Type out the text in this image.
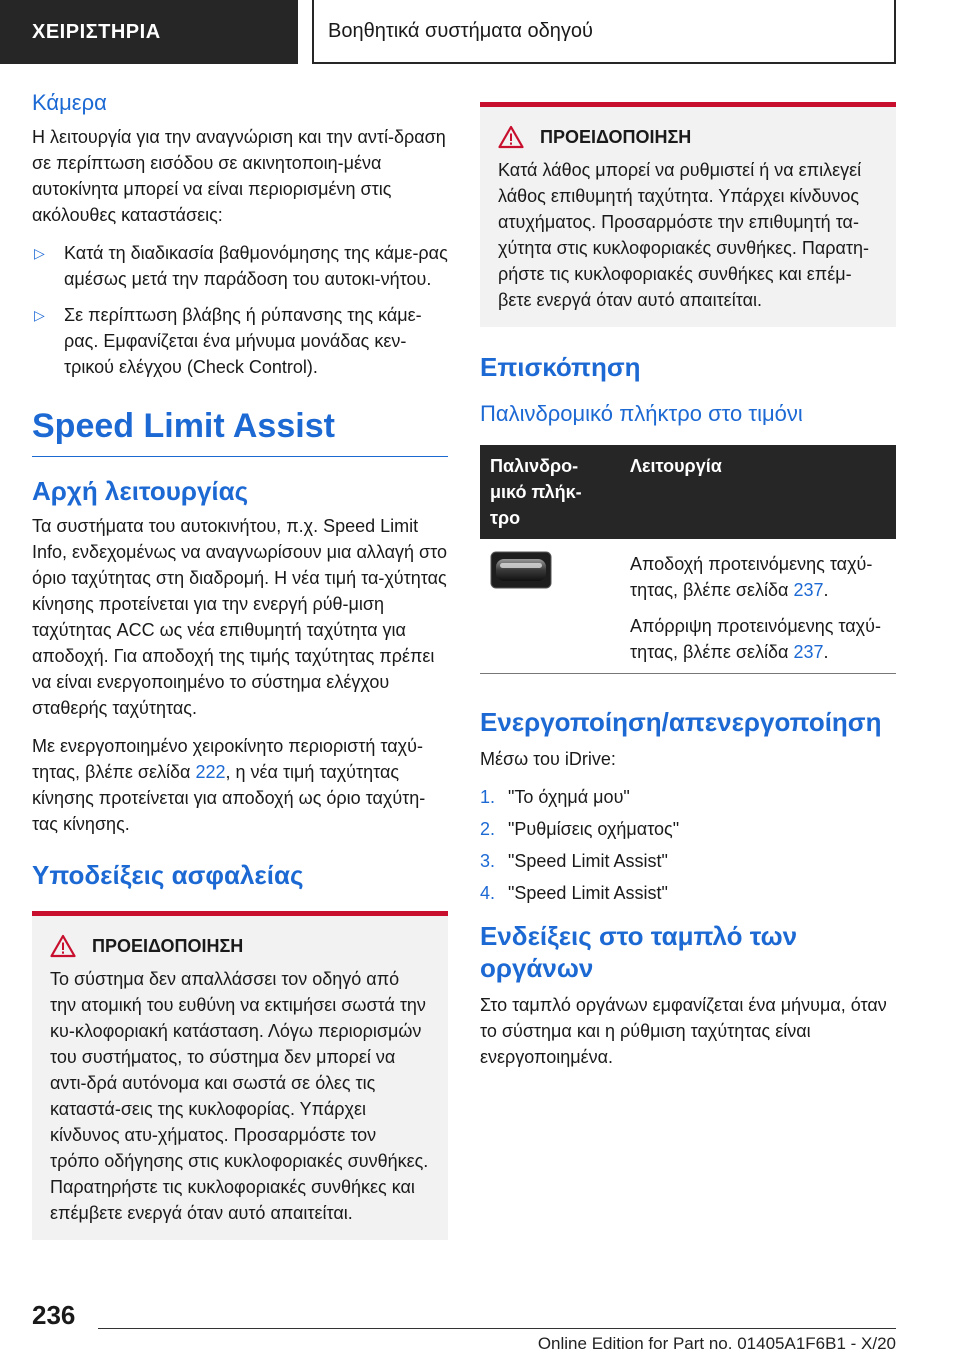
ΧΕΙΡΙΣΤΗΡΙΑ	Βοηθητικά συστήματα οδηγού
Κάμερα

Η λειτουργία για την αναγνώριση και την αντί-δραση σε περίπτωση εισόδου σε ακινητοποιη-μένα αυτοκίνητα μπορεί να είναι περιορισμένη στις ακόλουθες καταστάσεις:

▷ Κατά τη διαδικασία βαθμονόμησης της κάμε-ρας αμέσως μετά την παράδοση του αυτοκι-νήτου.
▷ Σε περίπτωση βλάβης ή ρύπανσης της κάμε-ρας. Εμφανίζεται ένα μήνυμα μονάδας κεν-τρικού ελέγχου (Check Control).
Speed Limit Assist
Αρχή λειτουργίας

Τα συστήματα του αυτοκινήτου, π.χ. Speed Limit Info, ενδεχομένως να αναγνωρίσουν μια αλλαγή στο όριο ταχύτητας στη διαδρομή. Η νέα τιμή τα-χύτητας κίνησης προτείνεται για την ενεργή ρύθ-μιση ταχύτητας ACC ως νέα επιθυμητή ταχύτητα για αποδοχή. Για αποδοχή της τιμής ταχύτητας πρέπει να είναι ενεργοποιημένο το σύστημα ελέγχου σταθερής ταχύτητας.

Με ενεργοποιημένο χειροκίνητο περιοριστή ταχύ-τητας, βλέπε σελίδα 222, η νέα τιμή ταχύτητας κίνησης προτείνεται για αποδοχή ως όριο ταχύτη-τας κίνησης.

Υποδείξεις ασφαλείας
ΠΡΟΕΙΔΟΠΟΙΗΣΗ

Το σύστημα δεν απαλλάσσει τον οδηγό από την ατομική του ευθύνη να εκτιμήσει σωστά την κυ-κλοφοριακή κατάσταση. Λόγω περιορισμών του συστήματος, το σύστημα δεν μπορεί να αντι-δρά αυτόνομα και σωστά σε όλες τις καταστά-σεις της κυκλοφορίας. Υπάρχει κίνδυνος ατυ-χήματος. Προσαρμόστε τον τρόπο οδήγησης στις κυκλοφοριακές συνθήκες. Παρατηρήστε τις κυκλοφοριακές συνθήκες και επέμβετε ενεργά όταν αυτό απαιτείται.

ΠΡΟΕΙΔΟΠΟΙΗΣΗ

Κατά λάθος μπορεί να ρυθμιστεί ή να επιλεγεί λάθος επιθυμητή ταχύτητα. Υπάρχει κίνδυνος ατυχήματος. Προσαρμόστε την επιθυμητή τα-χύτητα στις κυκλοφοριακές συνθήκες. Παρατη-ρήστε τις κυκλοφοριακές συνθήκες και επέμ-βετε ενεργά όταν αυτό απαιτείται.

Επισκόπηση
Παλινδρομικό πλήκτρο στο τιμόνι
Παλινδρο-μικό πλήκ-τρο	Λειτουργία

Αποδοχή προτεινόμενης ταχύ-τητας, βλέπε σελίδα 237.

Απόρριψη προτεινόμενης ταχύ-τητας, βλέπε σελίδα 237.

Ενεργοποίηση/απενεργοποίηση

Μέσω του iDrive:

1. "Το όχημά μου"
2. "Ρυθμίσεις οχήματος"
3. "Speed Limit Assist"
4. "Speed Limit Assist"
Ενδείξεις στο ταμπλό των οργάνων

Στο ταμπλό οργάνων εμφανίζεται ένα μήνυμα, όταν το σύστημα και η ρύθμιση ταχύτητας είναι ενεργοποιημένα.

236
Online Edition for Part no. 01405A1F6B1 - X/20
